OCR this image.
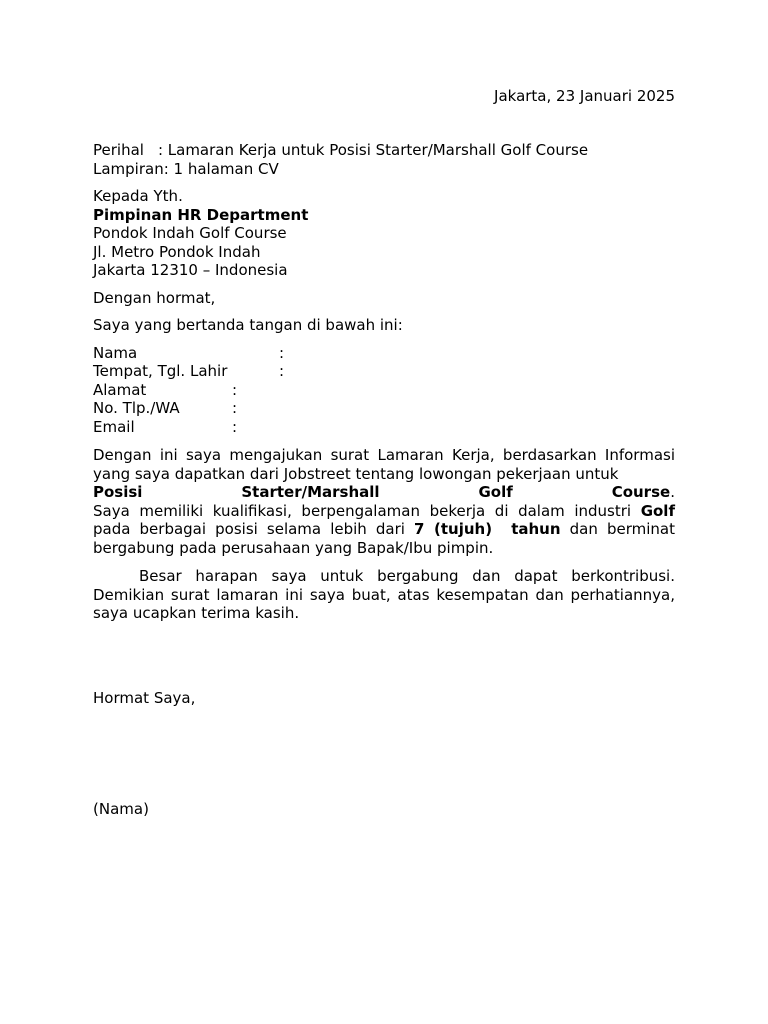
Jakarta, 23 Januari 2025
Perihal : Lamaran Kerja untuk Posisi Starter/Marshall Golf Course
Lampiran: 1 halaman CV
Kepada Yth.
Pimpinan HR Department
Pondok Indah Golf Course
Jl. Metro Pondok Indah
Jakarta 12310 – Indonesia
Dengan hormat,
Saya yang bertanda tangan di bawah ini:
Nama	:
Tempat, Tgl. Lahir	:
Alamat	:
No. Tlp./WA	:
Email	:
Dengan ini saya mengajukan surat Lamaran Kerja, berdasarkan Informasi yang saya dapatkan dari Jobstreet tentang lowongan pekerjaan untuk
Posisi	Starter/Marshall	Golf	Course.
Saya memiliki kualifikasi, berpengalaman bekerja di dalam industri Golf pada berbagai posisi selama lebih dari 7 (tujuh)  tahun dan berminat bergabung pada perusahaan yang Bapak/Ibu pimpin.
Besar harapan saya untuk bergabung dan dapat berkontribusi. Demikian surat lamaran ini saya buat, atas kesempatan dan perhatiannya, saya ucapkan terima kasih.
Hormat Saya,
(Nama)
